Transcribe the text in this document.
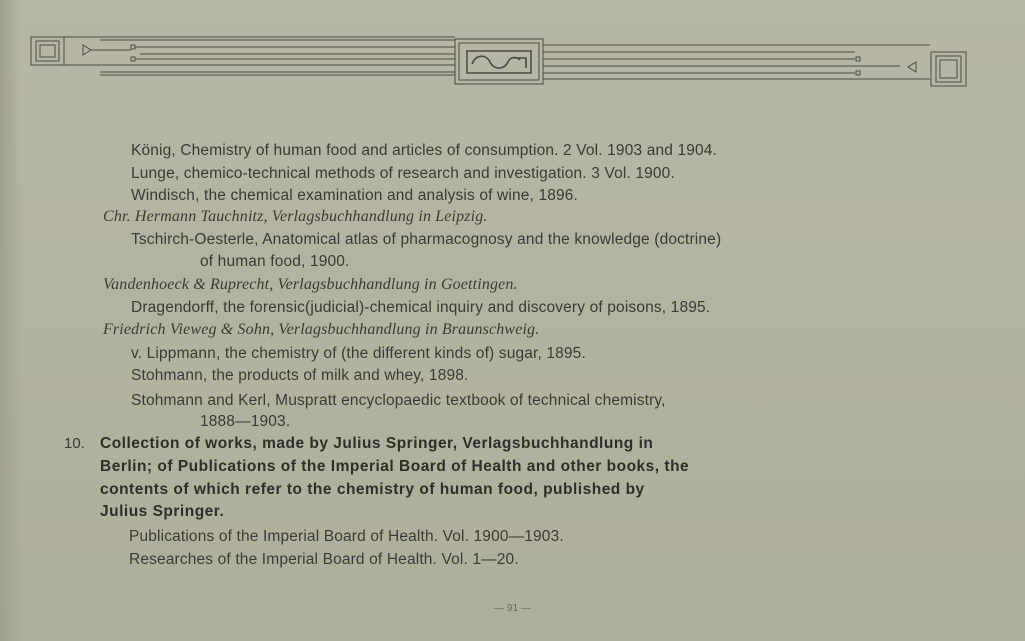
König, Chemistry of human food and articles of consumption. 2 Vol. 1903 and 1904.
Lunge, chemico-technical methods of research and investigation. 3 Vol. 1900.
Windisch, the chemical examination and analysis of wine, 1896.
Chr. Hermann Tauchnitz, Verlagsbuchhandlung in Leipzig.
Tschirch-Oesterle, Anatomical atlas of pharmacognosy and the knowledge (doctrine)
of human food, 1900.
Vandenhoeck & Ruprecht, Verlagsbuchhandlung in Goettingen.
Dragendorff, the forensic(judicial)-chemical inquiry and discovery of poisons, 1895.
Friedrich Vieweg & Sohn, Verlagsbuchhandlung in Braunschweig.
v. Lippmann, the chemistry of (the different kinds of) sugar, 1895.
Stohmann, the products of milk and whey, 1898.
Stohmann and Kerl, Muspratt encyclopaedic textbook of technical chemistry,
1888—1903.
10. Collection of works, made by Julius Springer, Verlagsbuchhandlung in
Berlin; of Publications of the Imperial Board of Health and other books, the
contents of which refer to the chemistry of human food, published by
Julius Springer.
Publications of the Imperial Board of Health. Vol. 1900—1903.
Researches of the Imperial Board of Health. Vol. 1—20.
— 91 —
